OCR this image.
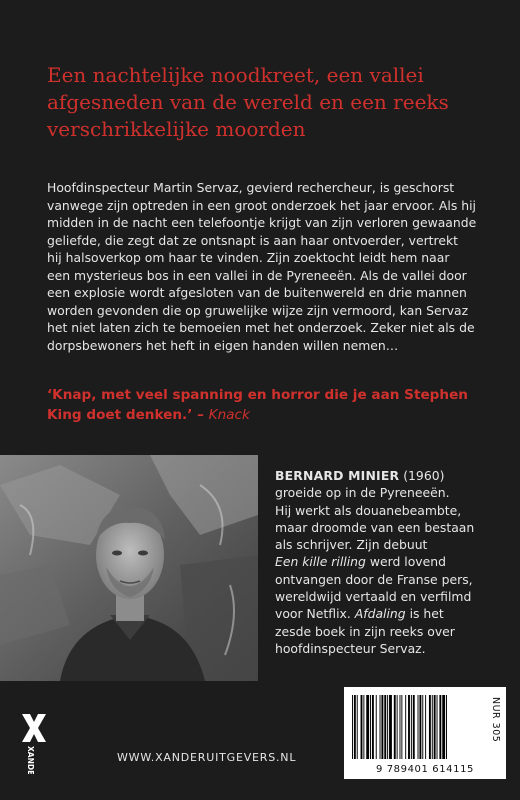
Een nachtelijke noodkreet, een vallei
afgesneden van de wereld en een reeks
verschrikkelijke moorden

Hoofdinspecteur Martin Servaz, gevierd rechercheur, is geschorst
vanwege zijn optreden in een groot onderzoek het jaar ervoor. Als hij
midden in de nacht een telefoontje krijgt van zijn verloren gewaande
geliefde, die zegt dat ze ontsnapt is aan haar ontvoerder, vertrekt
hij halsoverkop om haar te vinden. Zijn zoektocht leidt hem naar
een mysterieus bos in een vallei in de Pyreneeën. Als de vallei door
een explosie wordt afgesloten van de buitenwereld en drie mannen
worden gevonden die op gruwelijke wijze zijn vermoord, kan Servaz
het niet laten zich te bemoeien met het onderzoek. Zeker niet als de
dorpsbewoners het heft in eigen handen willen nemen…

‘Knap, met veel spanning en horror die je aan Stephen
King doet denken.’ – Knack

BERNARD MINIER (1960)
groeide op in de Pyreneeën.
Hij werkt als douanebeambte,
maar droomde van een bestaan
als schrijver. Zijn debuut
Een kille rilling werd lovend
ontvangen door de Franse pers,
wereldwijd vertaald en verfilmd
voor Netflix. Afdaling is het
zesde boek in zijn reeks over
hoofdinspecteur Servaz.

XANDER	WWW.XANDERUITGEVERS.NL
NUR 305
9 789401 614115
